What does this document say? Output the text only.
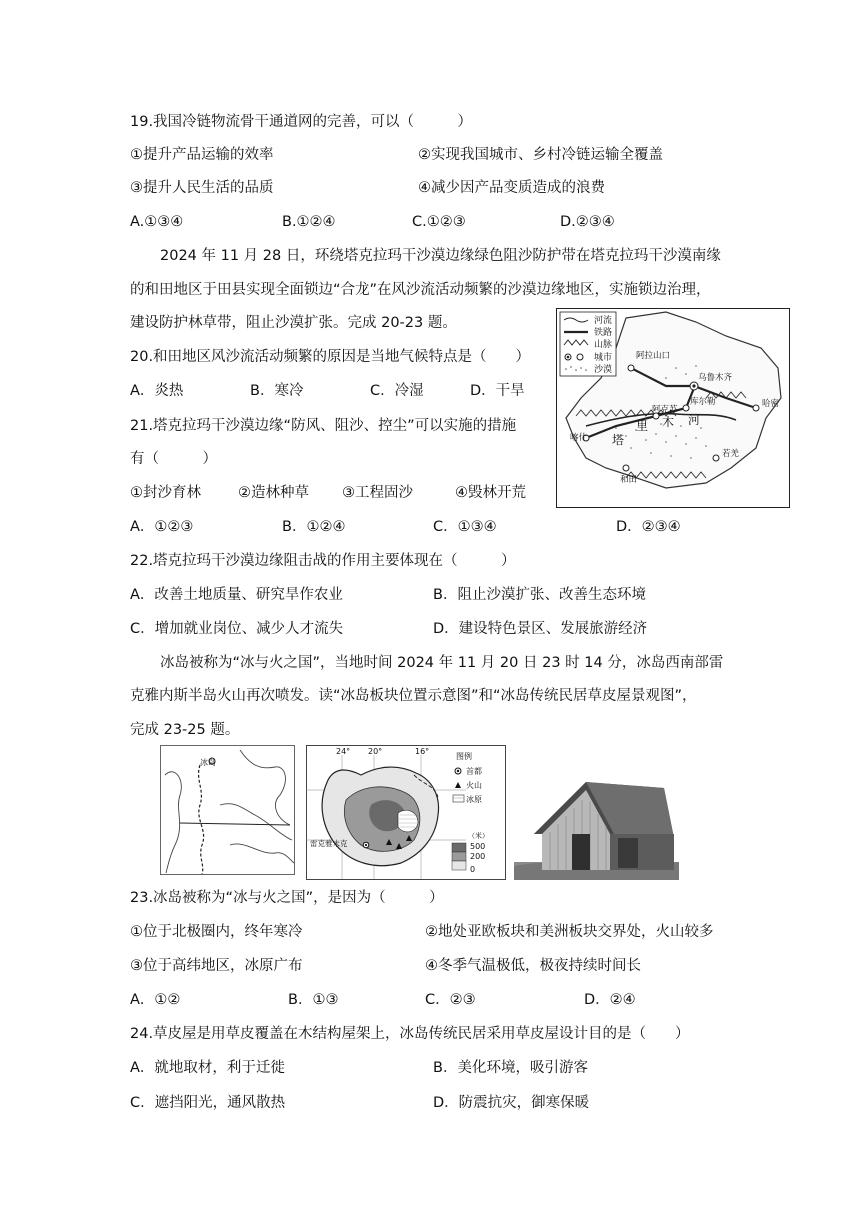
19.我国冷链物流骨干通道网的完善，可以（　　　）
①提升产品运输的效率	②实现我国城市、乡村冷链运输全覆盖
③提升人民生活的品质	④减少因产品变质造成的浪费
A.①③④	B.①②④	C.①②③	D.②③④
2024 年 11 月 28 日，环绕塔克拉玛干沙漠边缘绿色阻沙防护带在塔克拉玛干沙漠南缘
的和田地区于田县实现全面锁边“合龙”在风沙流活动频繁的沙漠边缘地区，实施锁边治理，
建设防护林草带，阻止沙漠扩张。完成 20-23 题。	河流
铁路
山脉
城市
沙漠
阿拉山口
乌鲁木齐
哈密
库尔勒
阿克苏
喀什
若羌
和田
塔
里 木 河
20.和田地区风沙流活动频繁的原因是当地气候特点是（　　）
A．炎热	B．寒冷	C．冷湿	D．干旱
21.塔克拉玛干沙漠边缘“防风、阻沙、控尘”可以实施的措施
有（　　　）
①封沙育林	②造林种草 ③工程固沙	④毁林开荒
A．①②③	B．①②④	C．①③④	D．②③④
22.塔克拉玛干沙漠边缘阻击战的作用主要体现在（　　　）
A．改善土地质量、研究旱作农业	B．阻止沙漠扩张、改善生态环境
C．增加就业岗位、减少人才流失	D．建设特色景区、发展旅游经济
冰岛被称为“冰与火之国”，当地时间 2024 年 11 月 20 日 23 时 14 分，冰岛西南部雷
克雅内斯半岛火山再次喷发。读“冰岛板块位置示意图”和“冰岛传统民居草皮屋景观图”，
完成 23-25 题。
冰岛
24° 20°	16°
雷克雅未克
图例
首都
火山
冰原
（米）
500
200
0
23.冰岛被称为“冰与火之国”，是因为（　　　）
①位于北极圈内，终年寒冷	②地处亚欧板块和美洲板块交界处，火山较多
③位于高纬地区，冰原广布	④冬季气温极低，极夜持续时间长
A．①②	B．①③	C．②③	D．②④
24.草皮屋是用草皮覆盖在木结构屋架上，冰岛传统民居采用草皮屋设计目的是（　　）
A．就地取材，利于迁徙	B．美化环境，吸引游客
C．遮挡阳光，通风散热	D．防震抗灾，御寒保暖
